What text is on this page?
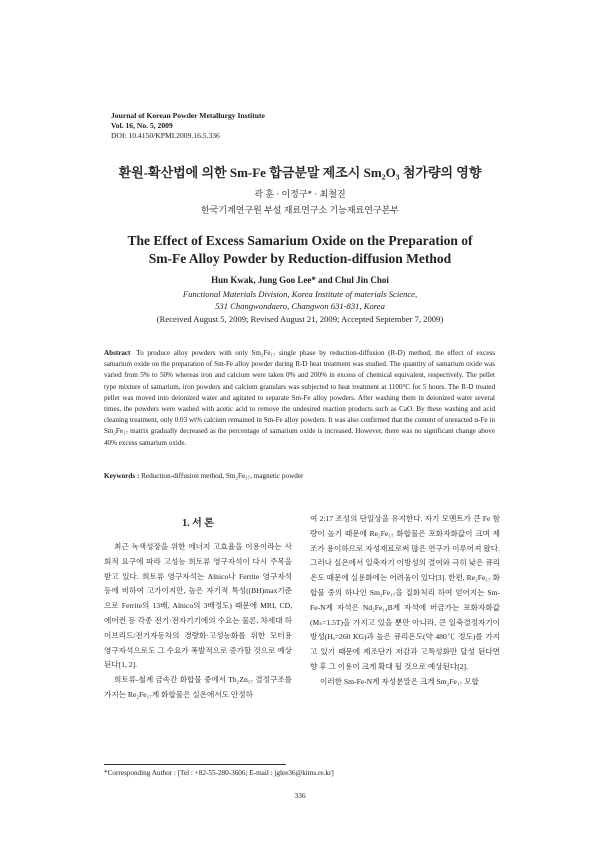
Journal of Korean Powder Metallurgy Institute
Vol. 16, No. 5, 2009
DOI: 10.4150/KPMI.2009.16.5.336
환원-확산법에 의한 Sm-Fe 합금분말 제조시 Sm₂O₃ 첨가량의 영향
곽 훈 · 이정구* · 최철진
한국기계연구원 부설 재료연구소 기능재료연구본부
The Effect of Excess Samarium Oxide on the Preparation of
Sm-Fe Alloy Powder by Reduction-diffusion Method
Hun Kwak, Jung Goo Lee* and Chul Jin Choi
Functional Materials Division, Korea Institute of materials Science,
531 Changwondaero, Changwon 631-831, Korea
(Received August 5, 2009; Revised August 21, 2009; Accepted September 7, 2009)
Abstract To produce alloy powders with only Sm₂Fe₁₇ single phase by reduction-diffusion (R-D) method, the effect of excess samarium oxide on the preparation of Sm-Fe alloy powder during R-D heat treatment was studied. The quantity of samarium oxide was varied from 5% to 50% whereas iron and calcium were taken 0% and 200% in excess of chemical equivalent, respectively. The pellet type mixture of samarium, iron powders and calcium granulars was subjected to heat treatment at 1100°C for 5 hours. The R-D treated pellet was moved into deionized water and agitated to separate Sm-Fe alloy powders. After washing them in deionized water several times, the powders were washed with acetic acid to remove the undesired reaction products such as CaO. By these washing and acid cleaning treatment, only 0.03 wt% calcium remained in Sm-Fe alloy powders. It was also confirmed that the content of unreacted α-Fe in Sm₂Fe₁₇ matrix gradually decreased as the percentage of samarium oxide is increased. However, there was no significant change above 40% excess samarium oxide.
Keywords : Reduction-diffusion method, Sm₂Fe₁₇, magnetic powder
1. 서 론

최근 녹색성장을 위한 에너지 고효율을 이용이라는 사회적 요구에 따라 고성능 희토류 영구자석이 다시 주목을 받고 있다. 희토류 영구자석는 Alnico나 Ferrite 영구자석 등에 비하여 고가이지만, 높은 자기적 특성((BH)max기준으로 Ferrite의 13배, Alnico의 3배정도) 때문에 MRI, CD, 에어컨 등 각종 전기·전자기기에의 수요는 물론, 차세대 하이브리드/전기자동차의 경량화·고성능화를 위한 모터용 영구자석으로도 그 수요가 폭발적으로 증가할 것으로 예상된다[1, 2].

희토류-철계 금속간 화합물 중에서 Th₂Zn₁₇ 결정구조를 가지는 Re₂Fe₁₇계 화합물은 실온에서도 안정하

여 2:17 조성의 단일상을 유지한다. 자기 모멘트가 큰 Fe 함량이 높기 때문에 Re₂Fe₁₇ 화합물은 포화자화값이 크며 제조가 용이하므로 자성재료로써 많은 연구가 이루어져 왔다. 그러나 실온에서 일축자기 이방성의 결여와 극히 낮은 큐리온도 때문에 실용화에는 어려움이 있다[3]. 한편, Re₂Fe₁₇ 화합물 중의 하나인 Sm₂Fe₁₇을 질화처리 하여 얻어지는 Sm-Fe-N계 자석은 Nd₂Fe₁₄B계 자석에 버금가는 포화자화값(Mₛ=1.5T)을 가지고 있을 뿐만 아니라, 큰 일축결정자기이방성(Hₐ=260 KG)과 높은 큐리온도(약 480℃ 정도)를 가지고 있기 때문에 제조단가 저감과 고특성화만 달성 된다면 향 후 그 이용이 크게 확대 될 것으로 예상된다[2].

이러한 Sm-Fe-N계 자성분말은 크게 Sm₂Fe₁₇ 모합

*Corresponding Author : [Tel : +82-55-280-3606; E-mail : jglee36@kims.re.kr]
336
